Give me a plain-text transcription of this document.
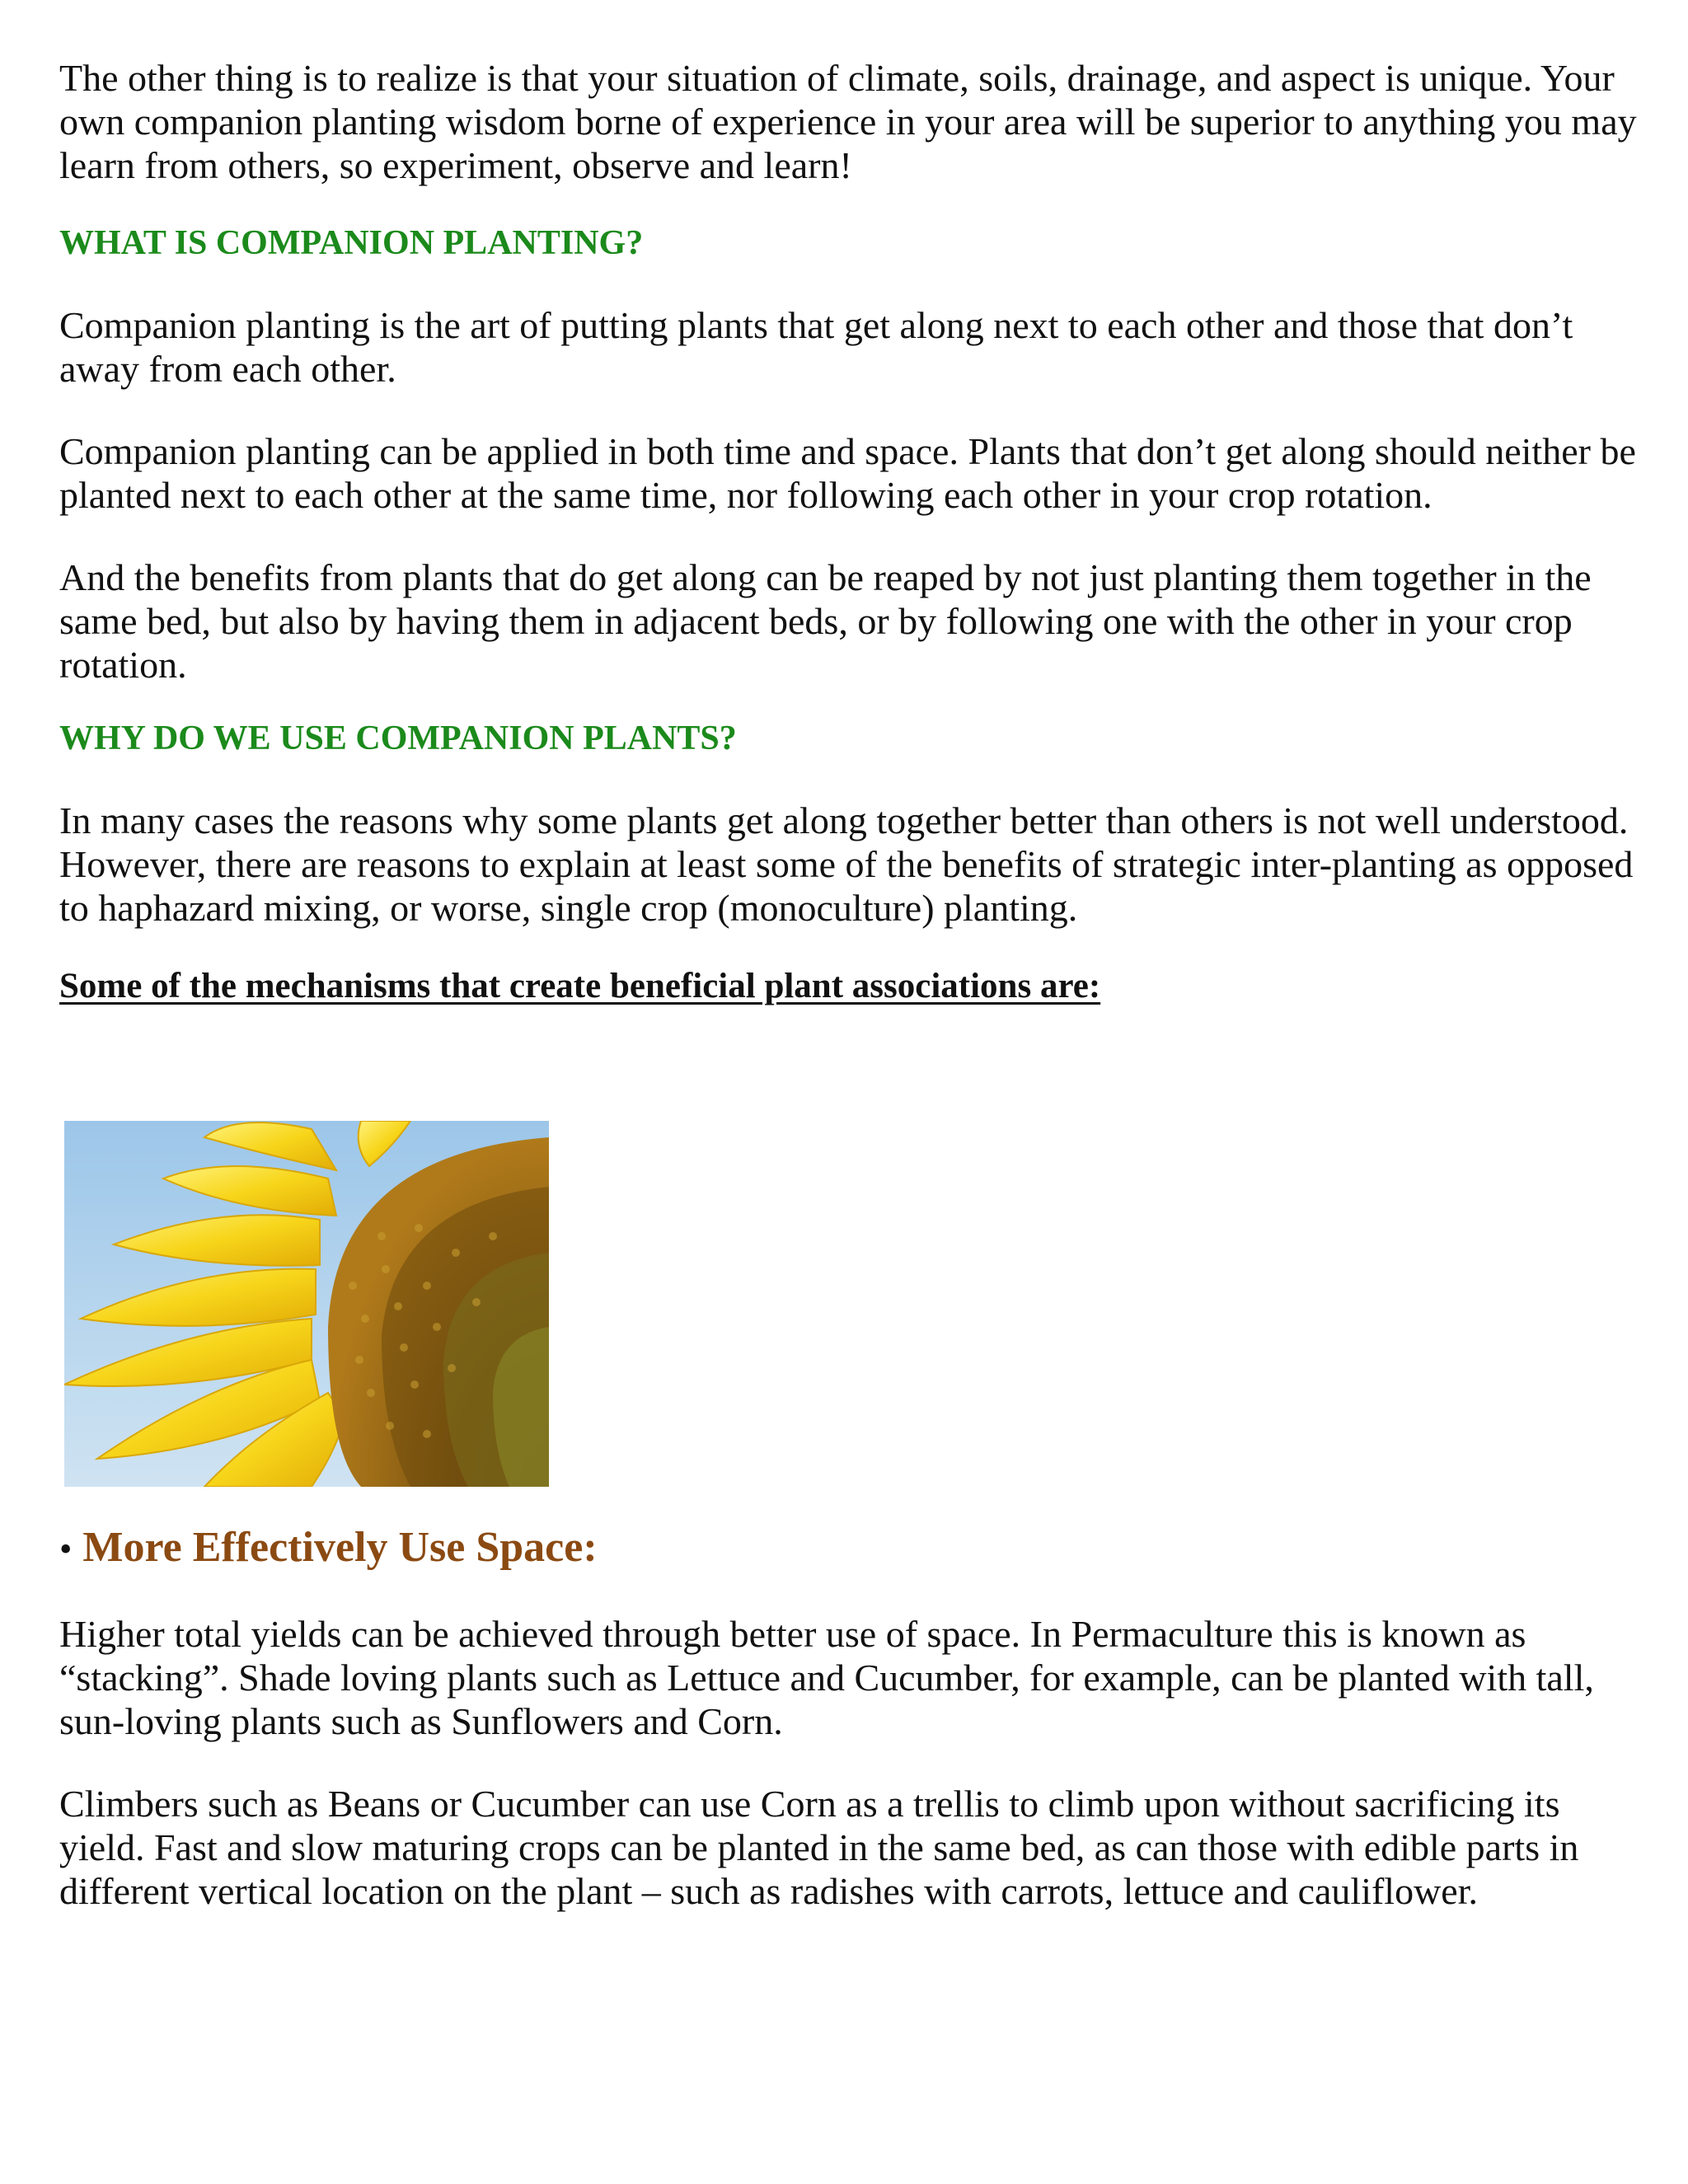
The other thing is to realize is that your situation of climate, soils, drainage, and aspect is unique. Your own companion planting wisdom borne of experience in your area will be superior to anything you may learn from others, so experiment, observe and learn!

WHAT IS COMPANION PLANTING?

Companion planting is the art of putting plants that get along next to each other and those that don’t away from each other.

Companion planting can be applied in both time and space. Plants that don’t get along should neither be planted next to each other at the same time, nor following each other in your crop rotation.

And the benefits from plants that do get along can be reaped by not just planting them together in the same bed, but also by having them in adjacent beds, or by following one with the other in your crop rotation.

WHY DO WE USE COMPANION PLANTS?

In many cases the reasons why some plants get along together better than others is not well understood. However, there are reasons to explain at least some of the benefits of strategic inter-planting as opposed to haphazard mixing, or worse, single crop (monoculture) planting.

Some of the mechanisms that create beneficial plant associations are:

• More Effectively Use Space:

Higher total yields can be achieved through better use of space. In Permaculture this is known as “stacking”. Shade loving plants such as Lettuce and Cucumber, for example, can be planted with tall, sun-loving plants such as Sunflowers and Corn.

Climbers such as Beans or Cucumber can use Corn as a trellis to climb upon without sacrificing its yield. Fast and slow maturing crops can be planted in the same bed, as can those with edible parts in different vertical location on the plant – such as radishes with carrots, lettuce and cauliflower.
